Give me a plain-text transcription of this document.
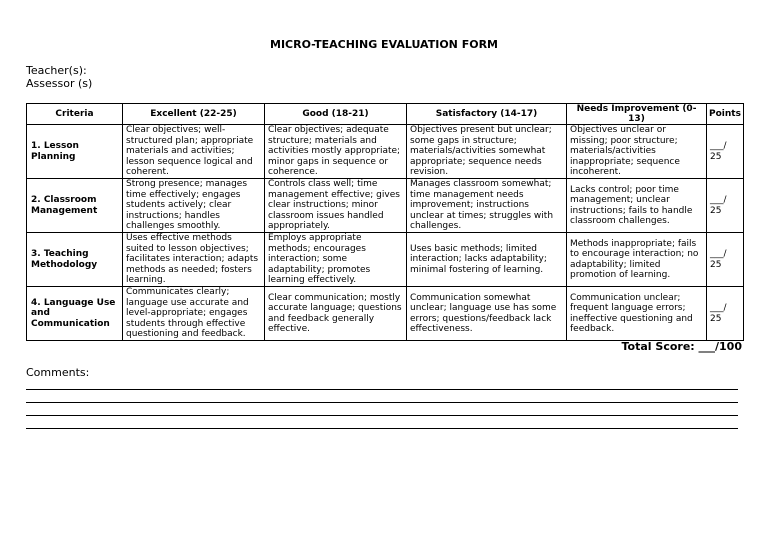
MICRO-TEACHING EVALUATION FORM
Teacher(s):
Assessor (s)
Criteria	Excellent (22-25)	Good (18-21)	Satisfactory (14-17)	Needs Improvement (0-13)	Points
1. Lesson Planning	Clear objectives; well-structured plan; appropriate materials and activities; lesson sequence logical and coherent.	Clear objectives; adequate structure; materials and activities mostly appropriate; minor gaps in sequence or coherence.	Objectives present but unclear; some gaps in structure; materials/activities somewhat appropriate; sequence needs revision.	Objectives unclear or missing; poor structure; materials/activities inappropriate; sequence incoherent.	___/ 25
2. Classroom Management	Strong presence; manages time effectively; engages students actively; clear instructions; handles challenges smoothly.	Controls class well; time management effective; gives clear instructions; minor classroom issues handled appropriately.	Manages classroom somewhat; time management needs improvement; instructions unclear at times; struggles with challenges.	Lacks control; poor time management; unclear instructions; fails to handle classroom challenges.	___/ 25
3. Teaching Methodology	Uses effective methods suited to lesson objectives; facilitates interaction; adapts methods as needed; fosters learning.	Employs appropriate methods; encourages interaction; some adaptability; promotes learning effectively.	Uses basic methods; limited interaction; lacks adaptability; minimal fostering of learning.	Methods inappropriate; fails to encourage interaction; no adaptability; limited promotion of learning.	___/ 25
4. Language Use and Communication	Communicates clearly; language use accurate and level-appropriate; engages students through effective questioning and feedback.	Clear communication; mostly accurate language; questions and feedback generally effective.	Communication somewhat unclear; language use has some errors; questions/feedback lack effectiveness.	Communication unclear; frequent language errors; ineffective questioning and feedback.	___/ 25
Total Score: ___/100
Comments:
